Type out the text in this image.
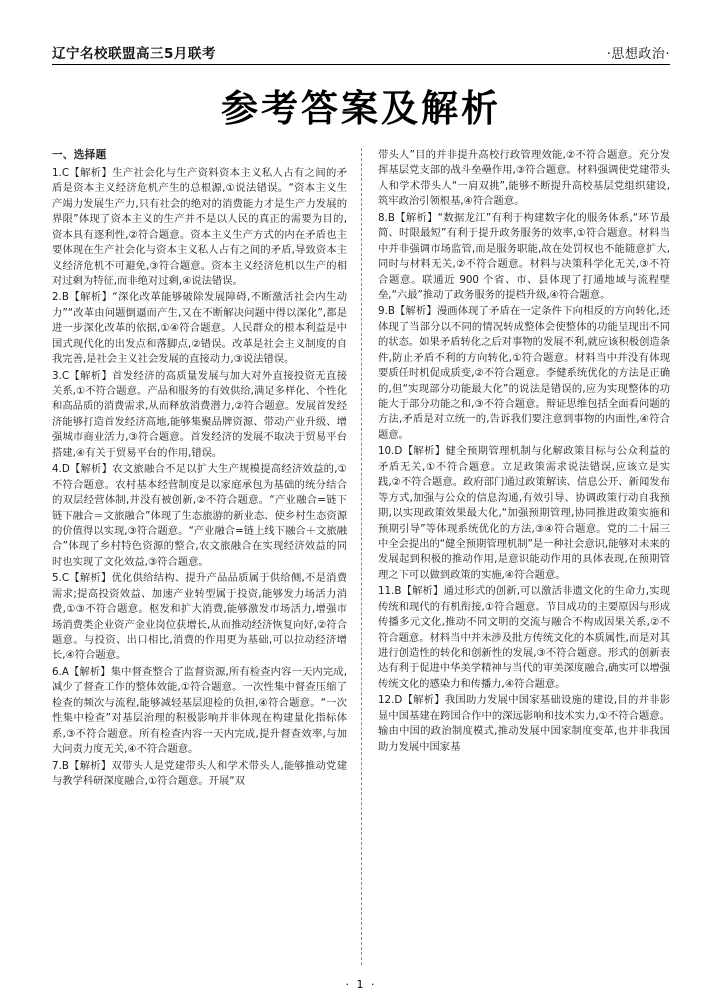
辽宁名校联盟高三5月联考	·思想政治·
参考答案及解析
一、选择题

1.C【解析】生产社会化与生产资料资本主义私人占有之间的矛盾是资本主义经济危机产生的总根源,①说法错误。“资本主义生产竭力发展生产力,只有社会的绝对的消费能力才是生产力发展的界限”体现了资本主义的生产并不是以人民的真正的需要为目的,资本具有逐利性,②符合题意。资本主义生产方式的内在矛盾也主要体现在生产社会化与资本主义私人占有之间的矛盾,导致资本主义经济危机不可避免,③符合题意。资本主义经济危机以生产的相对过剩为特征,而非绝对过剩,④说法错误。

2.B【解析】“深化改革能够破除发展障碍,不断激活社会内生动力”“改革由问题倒逼而产生,又在不断解决问题中得以深化”,都是进一步深化改革的依据,①④符合题意。人民群众的根本利益是中国式现代化的出发点和落脚点,②错误。改革是社会主义制度的自我完善,是社会主义社会发展的直接动力,③说法错误。

3.C【解析】首发经济的高质量发展与加大对外直接投资无直接关系,①不符合题意。产品和服务的有效供给,满足多样化、个性化和高品质的消费需求,从而释放消费潜力,②符合题意。发展首发经济能够打造首发经济高地,能够集聚品牌资源、带动产业升级、增强城市商业活力,③符合题意。首发经济的发展不取决于贸易平台搭建,④有关于贸易平台的作用,错误。

4.D【解析】农文旅融合不足以扩大生产规模提高经济效益的,①不符合题意。农村基本经营制度是以家庭承包为基础的统分结合的双层经营体制,并没有被创新,②不符合题意。“产业融合=链下链下融合＝文旅融合”体现了生态旅游的新业态、使乡村生态资源的价值得以实现,③符合题意。“产业融合=链上线下融合＋文旅融合”体现了乡村特色资源的整合,农文旅融合在实现经济效益的同时也实现了文化效益,③符合题意。

5.C【解析】优化供给结构、提升产品品质属于供给侧,不是消费需求;提高投资效益、加速产业转型属于投资,能够发力场活力消费,①③不符合题意。枢发和扩大消费,能够激发市场活力,增强市场消费类企业资产金业岗位获增长,从而推动经济恢复向好,②符合题意。与投资、出口相比,消费的作用更为基础,可以拉动经济增长,④符合题意。

6.A【解析】集中督查整合了监督资源,所有检查内容一天内完成,减少了督查工作的整体效能,①符合题意。一次性集中督查压缩了检查的频次与流程,能够减轻基层迎检的负担,④符合题意。“一次性集中检查”对基层治理的积极影响并非体现在构建量化指标体系,③不符合题意。所有检查内容一天内完成,提升督查效率,与加大问责力度无关,④不符合题意。

7.B【解析】双带头人是党建带头人和学术带头人,能够推动党建与教学科研深度融合,①符合题意。开展“双

带头人”目的并非提升高校行政管理效能,②不符合题意。充分发挥基层党支部的战斗垒壘作用,③符合题意。材料强调使党建带头人和学术带头人“一肩双挑”,能够不断提升高校基层党组织建设,筑牢政治引领根基,④符合题意。

8.B【解析】“数据龙江”有利于构建数字化的服务体系,“环节最简、时限最短”有利于提升政务服务的效率,①符合题意。材料当中并非强调市场监管,而是服务职能,故在处罚权也不能随意扩大,同时与材料无关,②不符合题意。材料与决策科学化无关,③不符合题意。联通近 900 个省、市、县体现了打通地域与流程壁垒,“六最”推动了政务服务的提档升级,④符合题意。

9.B【解析】漫画体现了矛盾在一定条件下向相反的方向转化,还体现了当部分以不同的情况转成整体会使整体的功能呈现出不同的状态。如果矛盾转化之后对事物的发展不利,就应该积极创造条件,防止矛盾不利的方向转化,①符合题意。材料当中并没有体现要质任时机促成质变,②不符合题意。李健系统优化的方法是正确的,但“实现部分功能最大化”的说法是错误的,应为实现整体的功能大于部分功能之和,③不符合题意。辩证思维包括全面看问题的方法,矛盾是对立统一的,告诉我们要注意到事物的内面性,④符合题意。

10.D【解析】健全预期管理机制与化解政策目标与公众利益的矛盾无关,①不符合题意。立足政策需求说法错误,应该立是实践,②不符合题意。政府部门通过政策解读、信息公开、新闻发布等方式,加强与公众的信息沟通,有效引导、协调政策行动自我预期,以实现政策效果最大化,“加强预期管理,协同推进政策实施和预期引导”等体现系统优化的方法,③④符合题意。党的二十届三中全会提出的“健全预期管理机制”是一种社会意识,能够对未来的发展起到积极的推动作用,是意识能动作用的具体表现,在预期管理之下可以做到政策的实施,④符合题意。

11.B【解析】通过形式的创新,可以激活非遗文化的生命力,实现传统和现代的有机衔接,①符合题意。节目成功的主要原因与形成传播多元文化,推动不同文明的交流与融合不构成因果关系,②不符合题意。材料当中并未涉及批方传统文化的本质属性,而是对其进行创造性的转化和创新性的发展,③不符合题意。形式的创新表达有利于促进中华美学精神与当代的审美深度融合,确实可以增强传统文化的感染力和传播力,④符合题意。

12.D【解析】我国助力发展中国家基础设施的建设,目的并非影显中国基建在跨国合作中的深远影响和技术实力,①不符合题意。输由中国的政治制度模式,推动发展中国家制度变革,也并非我国助力发展中国家基

· 1 ·
